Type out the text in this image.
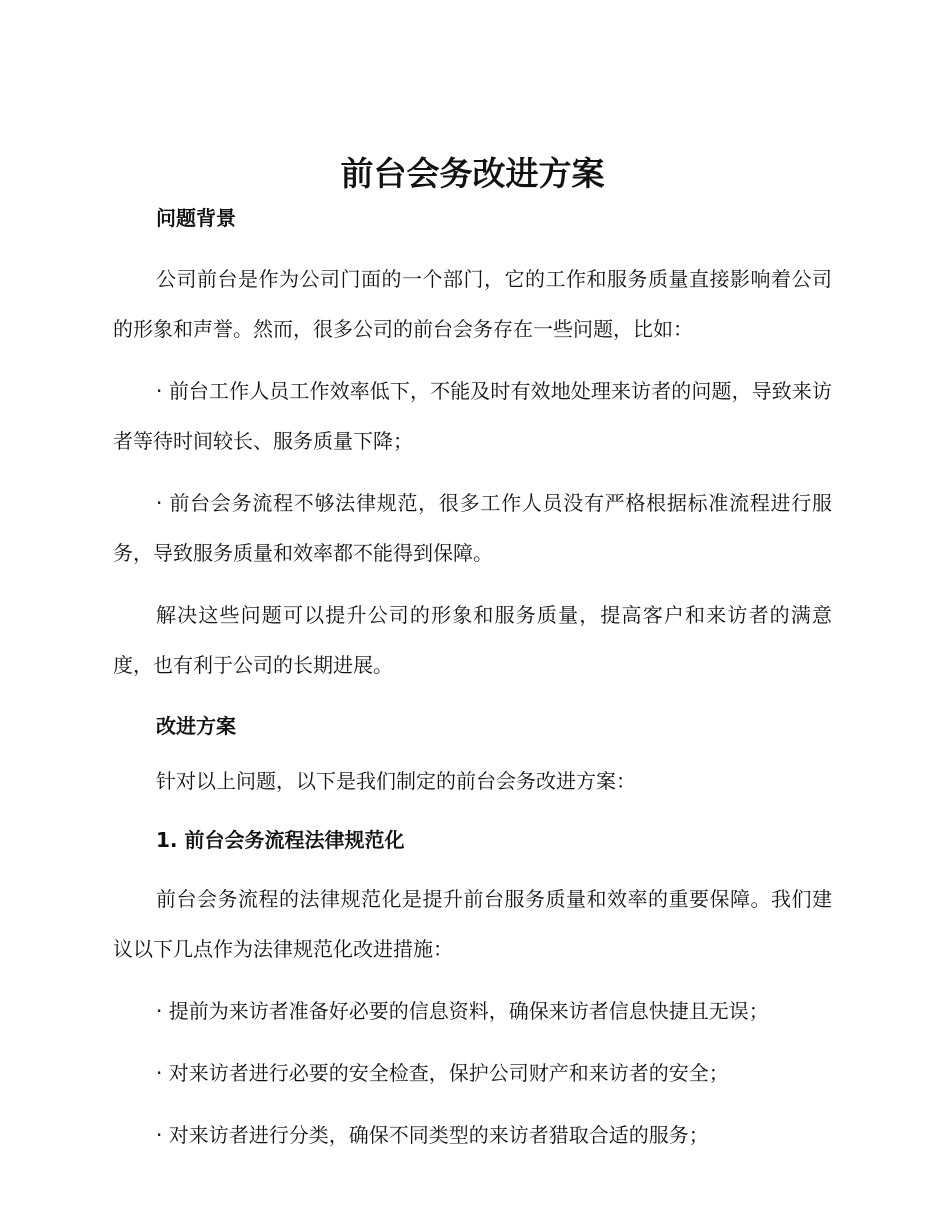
前台会务改进方案
问题背景

公司前台是作为公司门面的一个部门，它的工作和服务质量直接影响着公司的形象和声誉。然而，很多公司的前台会务存在一些问题，比如：

· 前台工作人员工作效率低下，不能及时有效地处理来访者的问题，导致来访者等待时间较长、服务质量下降；

· 前台会务流程不够法律规范，很多工作人员没有严格根据标准流程进行服务，导致服务质量和效率都不能得到保障。

解决这些问题可以提升公司的形象和服务质量，提高客户和来访者的满意度，也有利于公司的长期进展。

改进方案

针对以上问题，以下是我们制定的前台会务改进方案：

1. 前台会务流程法律规范化

前台会务流程的法律规范化是提升前台服务质量和效率的重要保障。我们建议以下几点作为法律规范化改进措施：

· 提前为来访者准备好必要的信息资料，确保来访者信息快捷且无误；

· 对来访者进行必要的安全检查，保护公司财产和来访者的安全；

· 对来访者进行分类，确保不同类型的来访者猎取合适的服务；
